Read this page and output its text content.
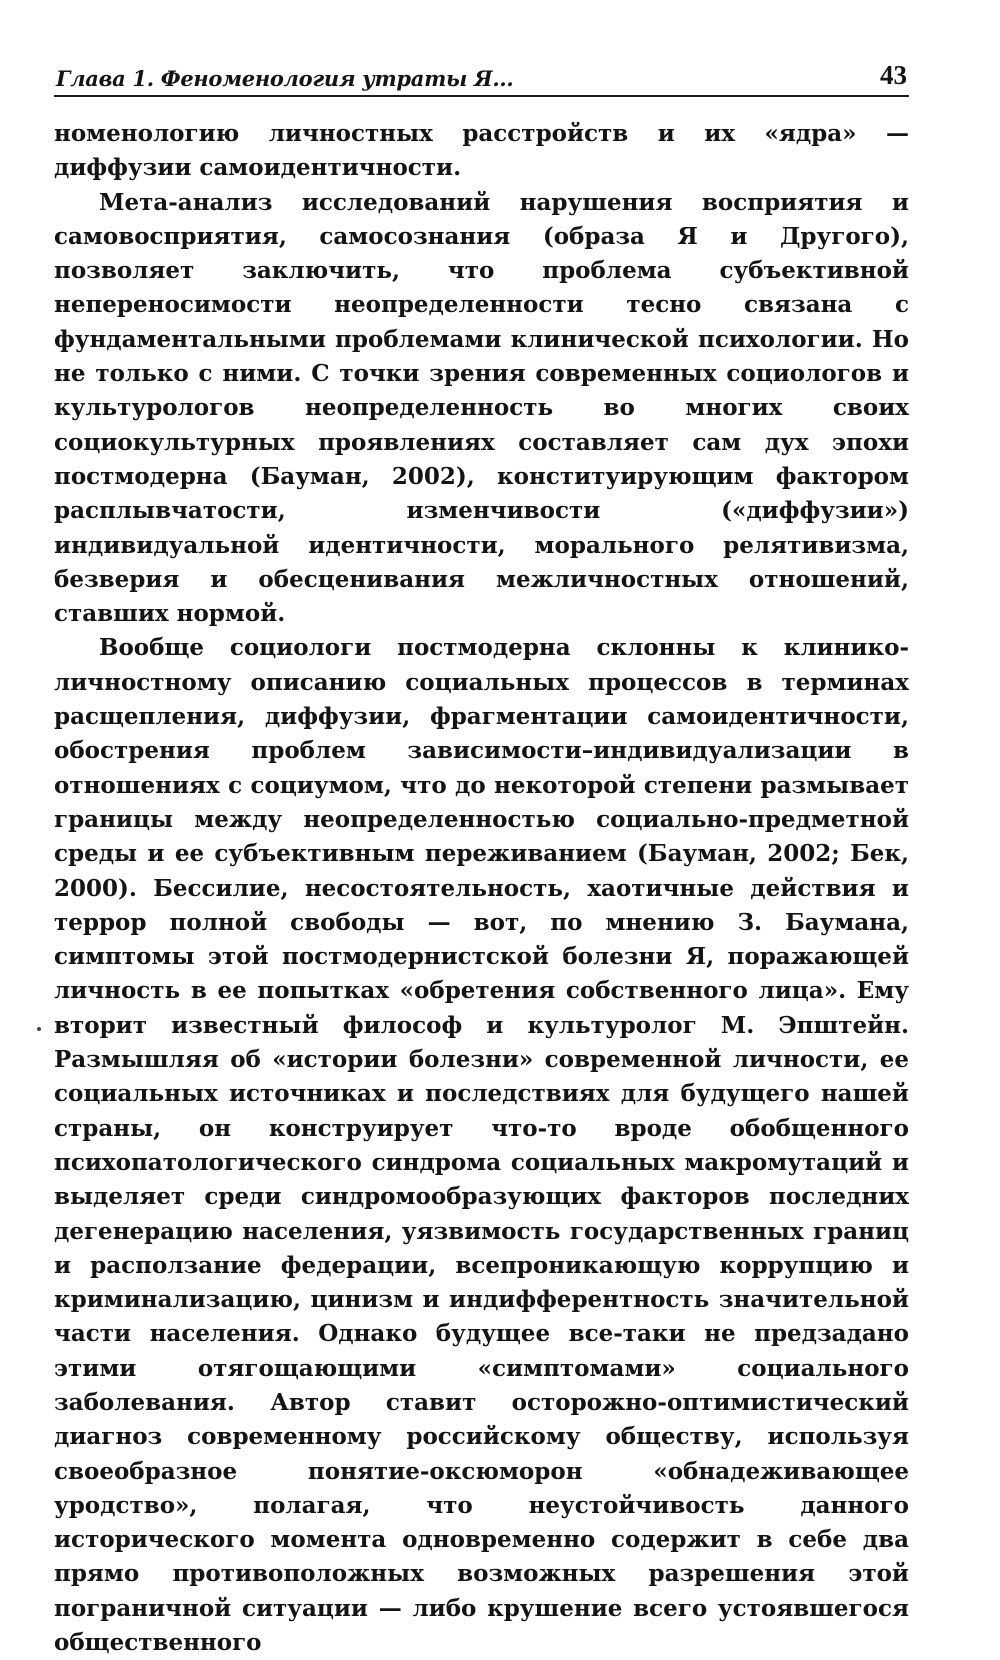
Глава 1. Феноменология утраты Я...	43

номенологию личностных расстройств и их «ядра» — диффузии самоидентичности.

Мета-анализ исследований нарушения восприятия и самовосприятия, самосознания (образа Я и Другого), позволяет заключить, что проблема субъективной непереносимости неопределенности тесно связана с фундаментальными проблемами клинической психологии. Но не только с ними. С точки зрения современных социологов и культурологов неопределенность во многих своих социокультурных проявлениях составляет сам дух эпохи постмодерна (Бауман, 2002), конституирующим фактором расплывчатости, изменчивости («диффузии») индивидуальной идентичности, морального релятивизма, безверия и обесценивания межличностных отношений, ставших нормой.

Вообще социологи постмодерна склонны к клинико-личностному описанию социальных процессов в терминах расщепления, диффузии, фрагментации самоидентичности, обострения проблем зависимости–индивидуализации в отношениях с социумом, что до некоторой степени размывает границы между неопределенностью социально-предметной среды и ее субъективным переживанием (Бауман, 2002; Бек, 2000). Бессилие, несостоятельность, хаотичные действия и террор полной свободы — вот, по мнению З. Баумана, симптомы этой постмодернистской болезни Я, поражающей личность в ее попытках «обретения собственного лица». Ему вторит известный философ и культуролог М. Эпштейн. Размышляя об «истории болезни» современной личности, ее социальных источниках и последствиях для будущего нашей страны, он конструирует что-то вроде обобщенного психопатологического синдрома социальных макромутаций и выделяет среди синдромообразующих факторов последних дегенерацию населения, уязвимость государственных границ и расползание федерации, всепроникающую коррупцию и криминализацию, цинизм и индифферентность значительной части населения. Однако будущее все-таки не предзадано этими отягощающими «симптомами» социального заболевания. Автор ставит осторожно-оптимистический диагноз современному российскому обществу, используя своеобразное понятие-оксюморон «обнадеживающее уродство», полагая, что неустойчивость данного исторического момента одновременно содержит в себе два прямо противоположных возможных разрешения этой пограничной ситуации — либо крушение всего устоявшегося общественного
